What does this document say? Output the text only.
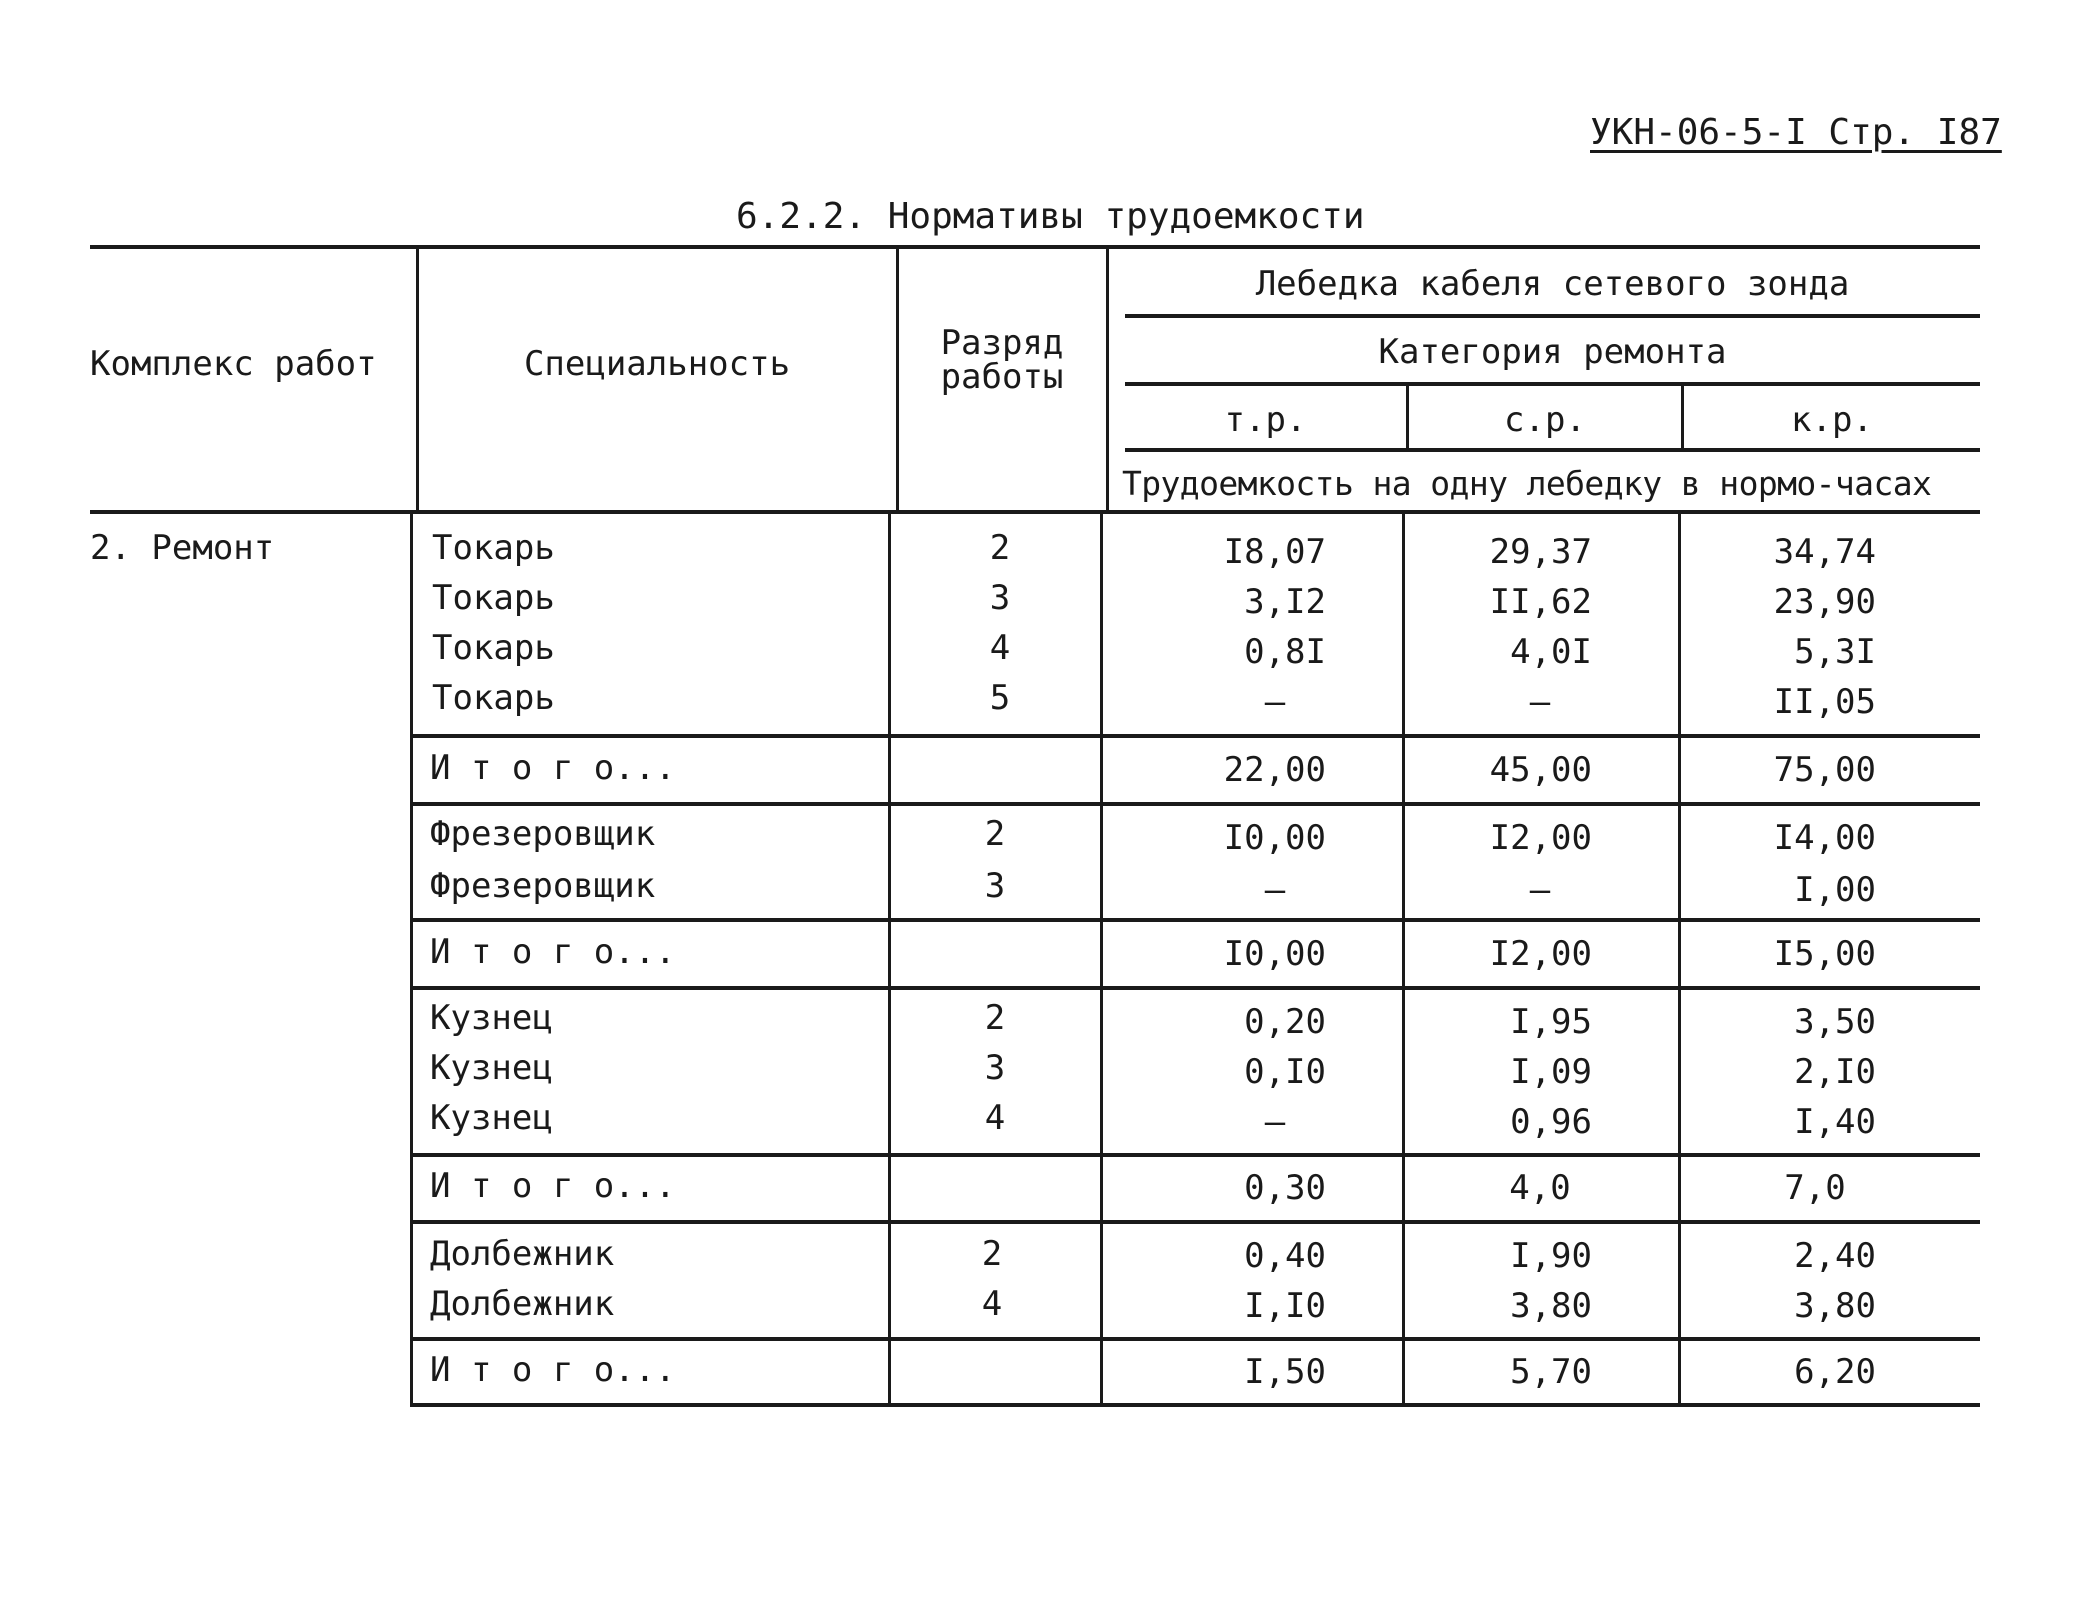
УКН-06-5-I Стр. I87
6.2.2. Нормативы трудоемкости
Комплекс работ	Специальность
Разряд
работы
Лебедка кабеля сетевого зонда
Категория ремонта
т.р.	с.р.	к.р.
Трудоемкость на одну лебедку в нормо-часах
2. Ремонт	Токарь	2	I8,07	29,37	34,74
Токарь	3	3,I2	II,62	23,90
Токарь	4	0,8I	4,0I	5,3I
Токарь	5	–	–	II,05
И т о г о...	22,00	45,00	75,00
Фрезеровщик	2	I0,00	I2,00	I4,00
Фрезеровщик	3	–	–	I,00
И т о г о...	I0,00	I2,00	I5,00
Кузнец	2	0,20	I,95	3,50
Кузнец	3	0,I0	I,09	2,I0
Кузнец	4	–	0,96	I,40
И т о г о...	0,30	4,0	7,0
Долбежник	2	0,40	I,90	2,40
Долбежник	4	I,I0	3,80	3,80
И т о г о...	I,50	5,70	6,20
